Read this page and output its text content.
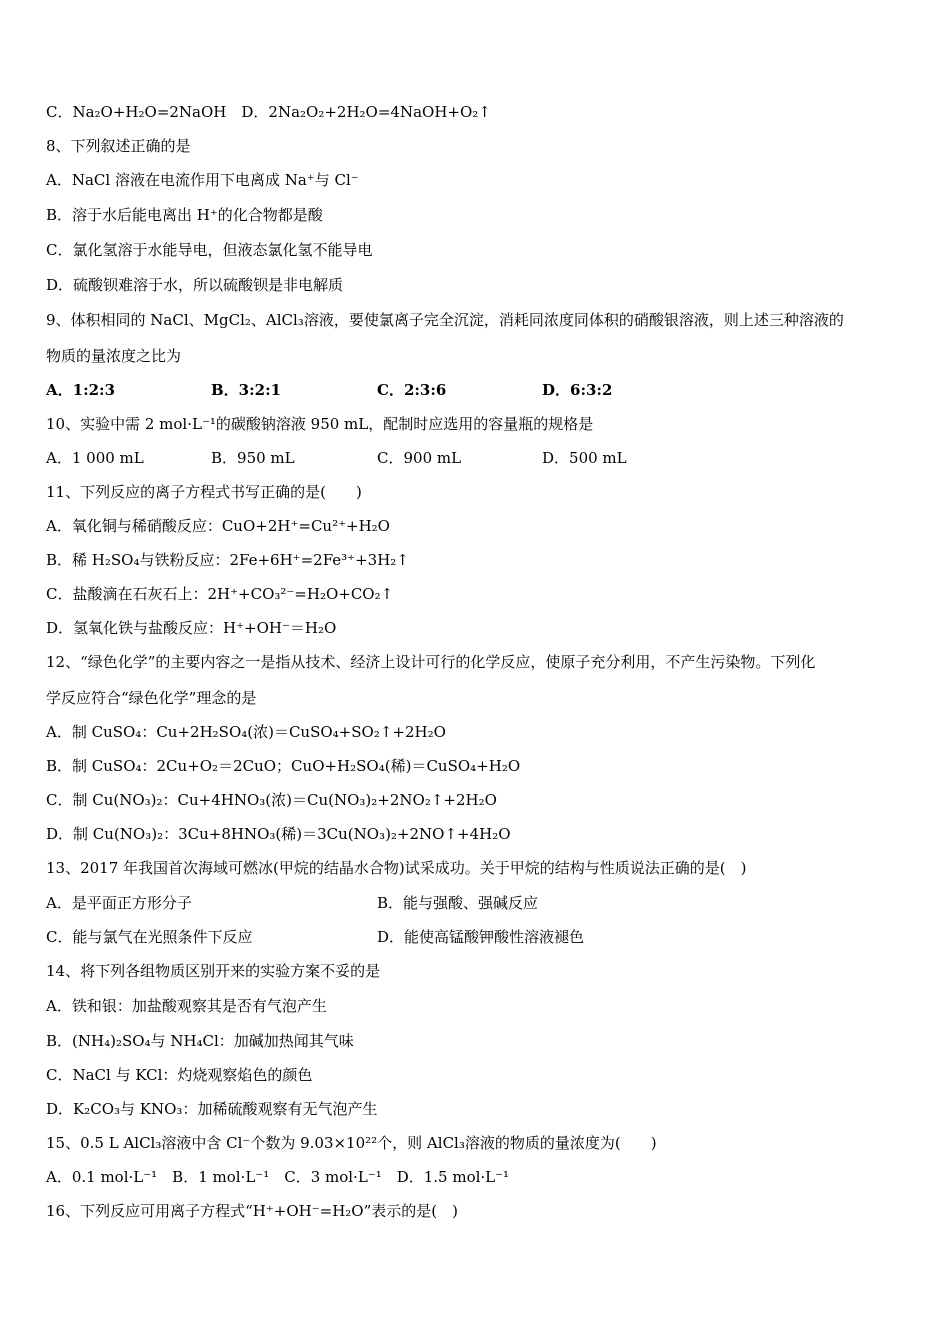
C．Na₂O+H₂O=2NaOH　D．2Na₂O₂+2H₂O=4NaOH+O₂↑
8、下列叙述正确的是
A．NaCl 溶液在电流作用下电离成 Na⁺与 Cl⁻
B．溶于水后能电离出 H⁺的化合物都是酸
C．氯化氢溶于水能导电，但液态氯化氢不能导电
D．硫酸钡难溶于水，所以硫酸钡是非电解质
9、体积相同的 NaCl、MgCl₂、AlCl₃溶液，要使氯离子完全沉淀，消耗同浓度同体积的硝酸银溶液，则上述三种溶液的
物质的量浓度之比为
A．1:2:3	B．3:2:1	C．2:3:6	D．6:3:2
10、实验中需 2 mol·L⁻¹的碳酸钠溶液 950 mL，配制时应选用的容量瓶的规格是
A．1 000 mL	B．950 mL	C．900 mL	D．500 mL
11、下列反应的离子方程式书写正确的是(　　)
A．氧化铜与稀硝酸反应：CuO+2H⁺=Cu²⁺+H₂O
B．稀 H₂SO₄与铁粉反应：2Fe+6H⁺=2Fe³⁺+3H₂↑
C．盐酸滴在石灰石上：2H⁺+CO₃²⁻=H₂O+CO₂↑
D．氢氧化铁与盐酸反应：H⁺+OH⁻＝H₂O
12、“绿色化学”的主要内容之一是指从技术、经济上设计可行的化学反应，使原子充分利用，不产生污染物。下列化
学反应符合“绿色化学”理念的是
A．制 CuSO₄：Cu+2H₂SO₄(浓)＝CuSO₄+SO₂↑+2H₂O
B．制 CuSO₄：2Cu+O₂＝2CuO；CuO+H₂SO₄(稀)＝CuSO₄+H₂O
C．制 Cu(NO₃)₂：Cu+4HNO₃(浓)＝Cu(NO₃)₂+2NO₂↑+2H₂O
D．制 Cu(NO₃)₂：3Cu+8HNO₃(稀)＝3Cu(NO₃)₂+2NO↑+4H₂O
13、2017 年我国首次海域可燃冰(甲烷的结晶水合物)试采成功。关于甲烷的结构与性质说法正确的是(　)
A．是平面正方形分子	B．能与强酸、强碱反应
C．能与氯气在光照条件下反应	D．能使高锰酸钾酸性溶液褪色
14、将下列各组物质区别开来的实验方案不妥的是
A．铁和银：加盐酸观察其是否有气泡产生
B．(NH₄)₂SO₄与 NH₄Cl：加碱加热闻其气味
C．NaCl 与 KCl：灼烧观察焰色的颜色
D．K₂CO₃与 KNO₃：加稀硫酸观察有无气泡产生
15、0.5 L AlCl₃溶液中含 Cl⁻个数为 9.03×10²²个，则 AlCl₃溶液的物质的量浓度为(　　)
A．0.1 mol·L⁻¹　B．1 mol·L⁻¹　C．3 mol·L⁻¹　D．1.5 mol·L⁻¹
16、下列反应可用离子方程式“H⁺+OH⁻=H₂O”表示的是(　)
